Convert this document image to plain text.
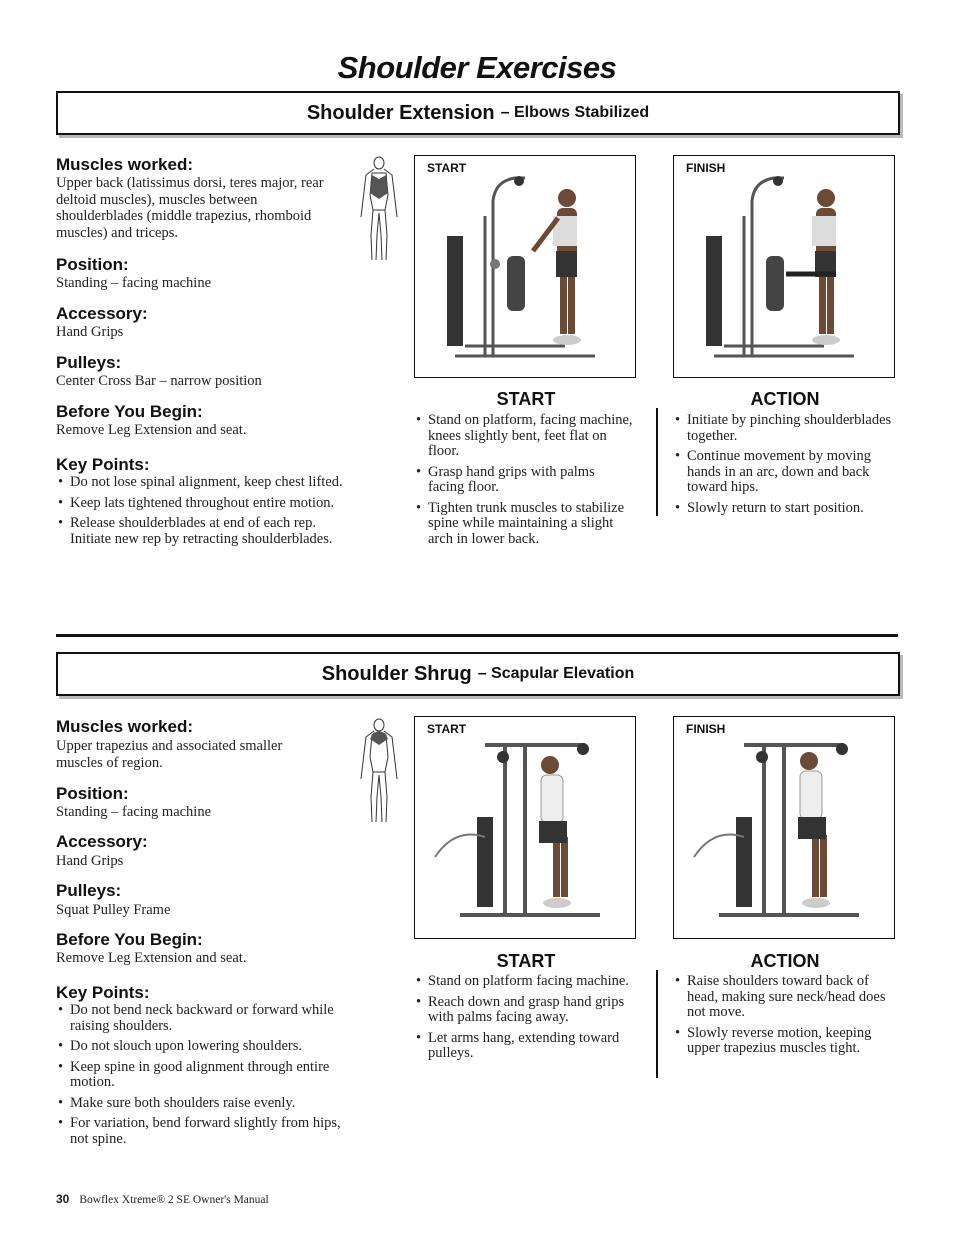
Shoulder Exercises
Shoulder Extension – Elbows Stabilized
Muscles worked:
Upper back (latissimus dorsi, teres major, rear deltoid muscles), muscles between shoulderblades (middle trapezius, rhomboid muscles) and triceps.
Position:
Standing – facing machine
Accessory:
Hand Grips
Pulleys:
Center Cross Bar – narrow position
Before You Begin:
Remove Leg Extension and seat.
Key Points:
• Do not lose spinal alignment, keep chest lifted.
• Keep lats tightened throughout entire motion.
• Release shoulderblades at end of each rep. Initiate new rep by retracting shoulderblades.
START	FINISH
START	ACTION
• Stand on platform, facing machine, knees slightly bent, feet flat on floor.
• Grasp hand grips with palms facing floor.
• Tighten trunk muscles to stabilize spine while maintaining a slight arch in lower back.
• Initiate by pinching shoulderblades together.
• Continue movement by moving hands in an arc, down and back toward hips.
• Slowly return to start position.
Shoulder Shrug – Scapular Elevation
Muscles worked:
Upper trapezius and associated smaller muscles of region.
Position:
Standing – facing machine
Accessory:
Hand Grips
Pulleys:
Squat Pulley Frame
Before You Begin:
Remove Leg Extension and seat.
Key Points:
• Do not bend neck backward or forward while raising shoulders.
• Do not slouch upon lowering shoulders.
• Keep spine in good alignment through entire motion.
• Make sure both shoulders raise evenly.
• For variation, bend forward slightly from hips, not spine.
START	FINISH
START	ACTION
• Stand on platform facing machine.
• Reach down and grasp hand grips with palms facing away.
• Let arms hang, extending toward pulleys.
• Raise shoulders toward back of head, making sure neck/head does not move.
• Slowly reverse motion, keeping upper trapezius muscles tight.
30 Bowflex Xtreme® 2 SE Owner's Manual
